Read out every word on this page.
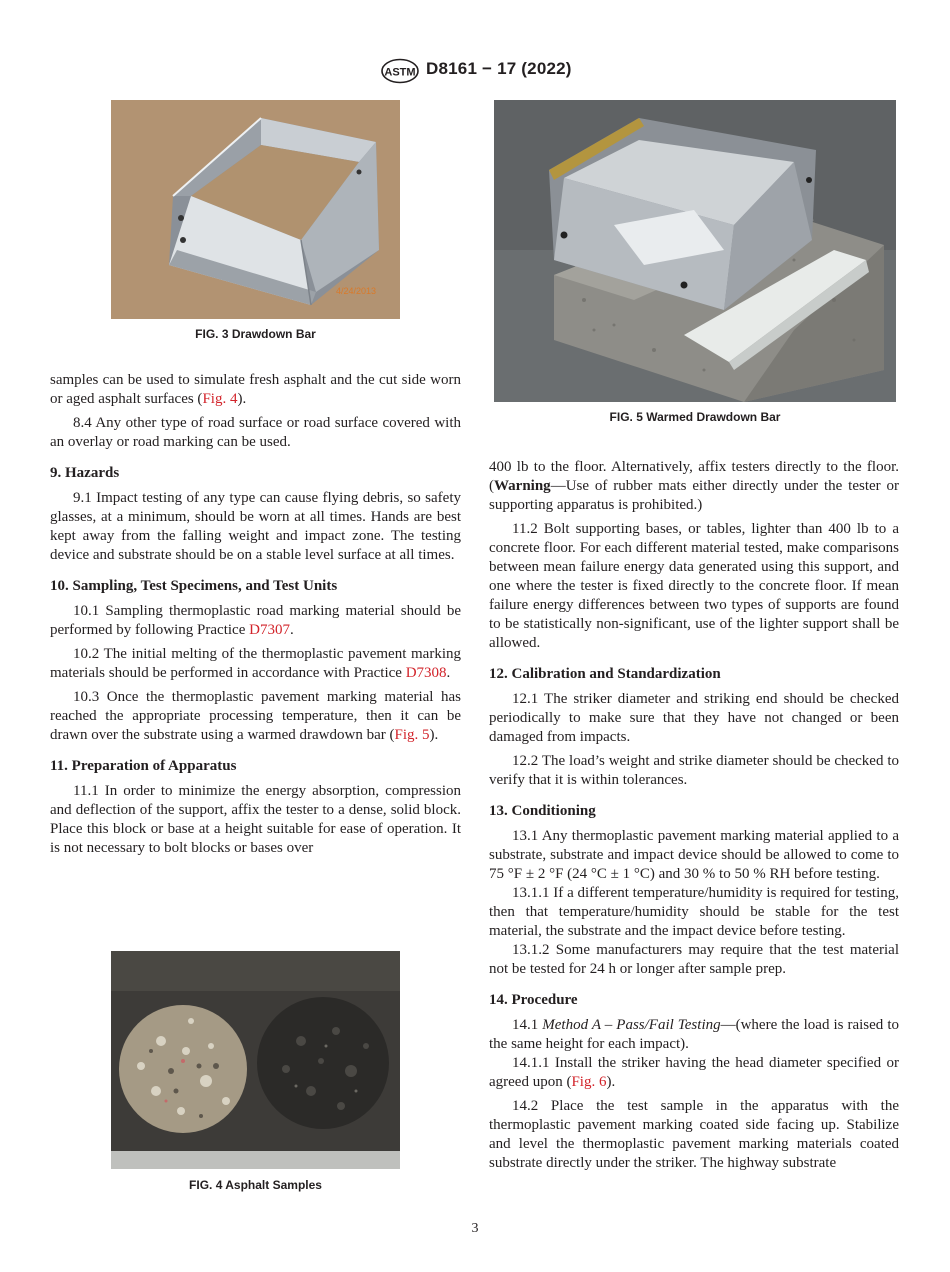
ASTM D8161 − 17 (2022)
4/24/2013
FIG. 3 Drawdown Bar
FIG. 5 Warmed Drawdown Bar
FIG. 4 Asphalt Samples

samples can be used to simulate fresh asphalt and the cut side worn or aged asphalt surfaces (Fig. 4).

8.4 Any other type of road surface or road surface covered with an overlay or road marking can be used.

9. Hazards

9.1 Impact testing of any type can cause flying debris, so safety glasses, at a minimum, should be worn at all times. Hands are best kept away from the falling weight and impact zone. The testing device and substrate should be on a stable level surface at all times.

10. Sampling, Test Specimens, and Test Units

10.1 Sampling thermoplastic road marking material should be performed by following Practice D7307.

10.2 The initial melting of the thermoplastic pavement marking materials should be performed in accordance with Practice D7308.

10.3 Once the thermoplastic pavement marking material has reached the appropriate processing temperature, then it can be drawn over the substrate using a warmed drawdown bar (Fig. 5).

11. Preparation of Apparatus

11.1 In order to minimize the energy absorption, compression and deflection of the support, affix the tester to a dense, solid block. Place this block or base at a height suitable for ease of operation. It is not necessary to bolt blocks or bases over

400 lb to the floor. Alternatively, affix testers directly to the floor. (Warning—Use of rubber mats either directly under the tester or supporting apparatus is prohibited.)

11.2 Bolt supporting bases, or tables, lighter than 400 lb to a concrete floor. For each different material tested, make comparisons between mean failure energy data generated using this support, and one where the tester is fixed directly to the concrete floor. If mean failure energy differences between two types of supports are found to be statistically non-significant, use of the lighter support shall be allowed.

12. Calibration and Standardization

12.1 The striker diameter and striking end should be checked periodically to make sure that they have not changed or been damaged from impacts.

12.2 The load’s weight and strike diameter should be checked to verify that it is within tolerances.

13. Conditioning

13.1 Any thermoplastic pavement marking material applied to a substrate, substrate and impact device should be allowed to come to 75 °F ± 2 °F (24 °C ± 1 °C) and 30 % to 50 % RH before testing.

13.1.1 If a different temperature/humidity is required for testing, then that temperature/humidity should be stable for the test material, the substrate and the impact device before testing.

13.1.2 Some manufacturers may require that the test material not be tested for 24 h or longer after sample prep.

14. Procedure

14.1 Method A – Pass/Fail Testing—(where the load is raised to the same height for each impact).

14.1.1 Install the striker having the head diameter specified or agreed upon (Fig. 6).

14.2 Place the test sample in the apparatus with the thermoplastic pavement marking coated side facing up. Stabilize and level the thermoplastic pavement marking materials coated substrate directly under the striker. The highway substrate

3
